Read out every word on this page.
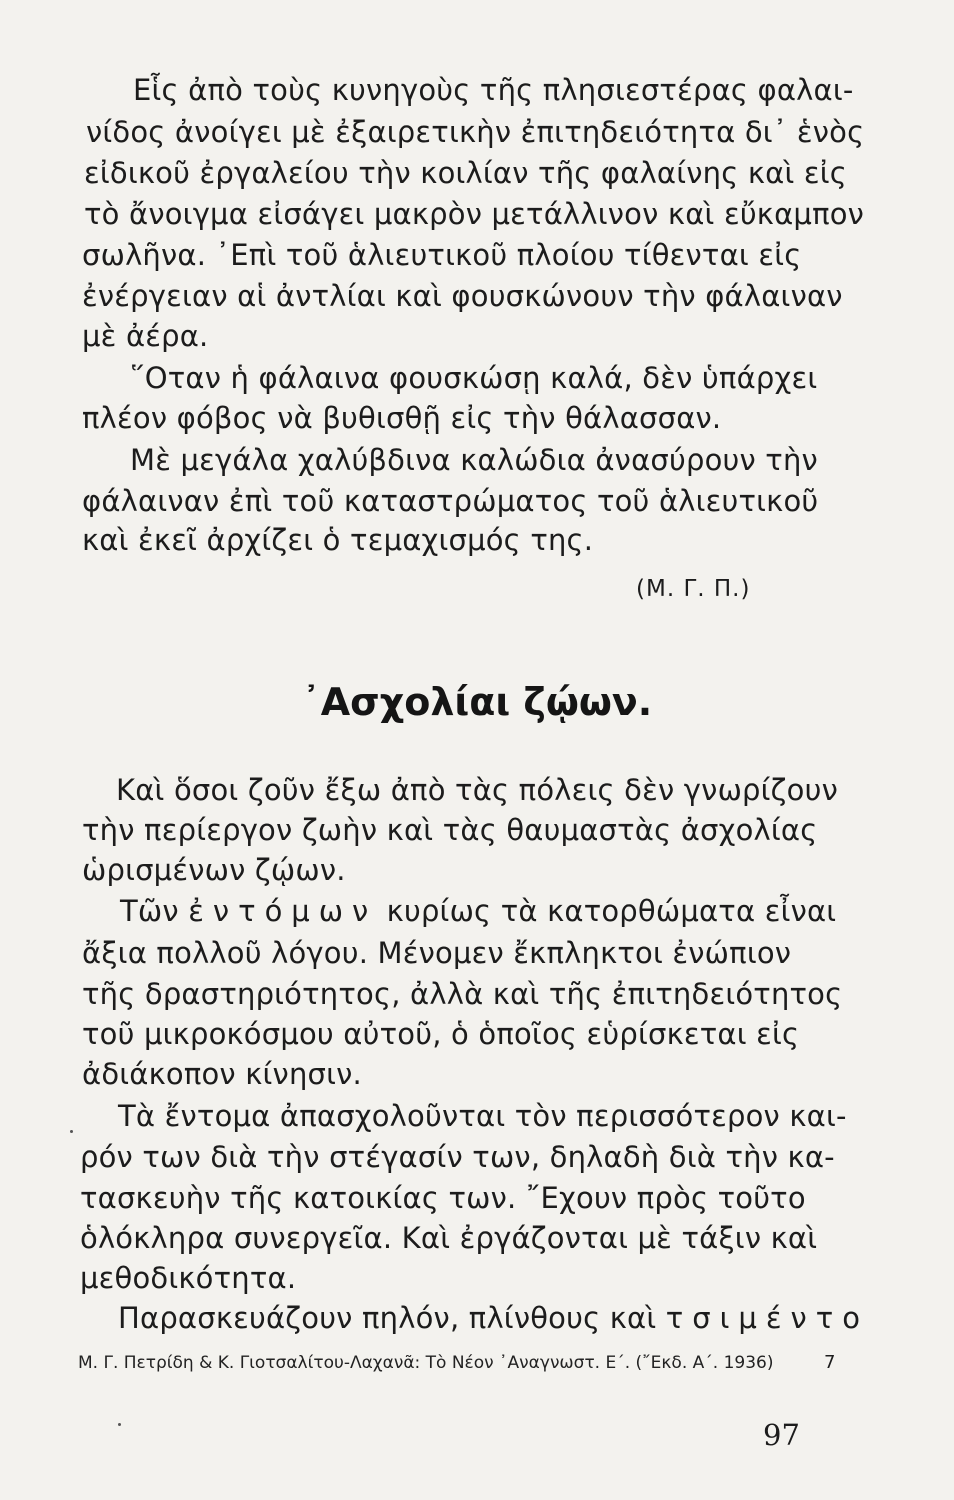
Εἷς ἀπὸ τοὺς κυνηγοὺς τῆς πλησιεστέρας φαλαι-

νίδος ἀνοίγει μὲ ἐξαιρετικὴν ἐπιτηδειότητα δι᾽ ἑνὸς

εἰδικοῦ ἐργαλείου τὴν κοιλίαν τῆς φαλαίνης καὶ εἰς

τὸ ἄνοιγμα εἰσάγει μακρὸν μετάλλινον καὶ εὔκαμπον

σωλῆνα. ᾿Επὶ τοῦ ἁλιευτικοῦ πλοίου τίθενται εἰς

ἐνέργειαν αἱ ἀντλίαι καὶ φουσκώνουν τὴν φάλαιναν

μὲ ἀέρα.

῞Οταν ἡ φάλαινα φουσκώσῃ καλά, δὲν ὑπάρχει

πλέον φόβος νὰ βυθισθῇ εἰς τὴν θάλασσαν.

Μὲ μεγάλα χαλύβδινα καλώδια ἀνασύρουν τὴν

φάλαιναν ἐπὶ τοῦ καταστρώματος τοῦ ἁλιευτικοῦ

καὶ ἐκεῖ ἀρχίζει ὁ τεμαχισμός της.

(Μ. Γ. Π.)

᾿Ασχολίαι ζῴων.

Καὶ ὅσοι ζοῦν ἔξω ἀπὸ τὰς πόλεις δὲν γνωρίζουν

τὴν περίεργον ζωὴν καὶ τὰς θαυμαστὰς ἀσχολίας

ὡρισμένων ζῴων.

Τῶν ἐντόμων κυρίως τὰ κατορθώματα εἶναι

ἄξια πολλοῦ λόγου. Μένομεν ἔκπληκτοι ἐνώπιον

τῆς δραστηριότητος, ἀλλὰ καὶ τῆς ἐπιτηδειότητος

τοῦ μικροκόσμου αὐτοῦ, ὁ ὁποῖος εὑρίσκεται εἰς

ἀδιάκοπον κίνησιν.

Τὰ ἔντομα ἀπασχολοῦνται τὸν περισσότερον και-

ρόν των διὰ τὴν στέγασίν των, δηλαδὴ διὰ τὴν κα-

τασκευὴν τῆς κατοικίας των. ῎Εχουν πρὸς τοῦτο

ὁλόκληρα συνεργεῖα. Καὶ ἐργάζονται μὲ τάξιν καὶ

μεθοδικότητα.

Παρασκευάζουν πηλόν, πλίνθους καὶ τσιμέντο

Μ. Γ. Πετρίδη & Κ. Γιοτσαλίτου-Λαχανᾶ: Τὸ Νέον ᾿Αναγνωστ. Ε΄. (῎Εκδ. Α΄. 1936)	7

97
